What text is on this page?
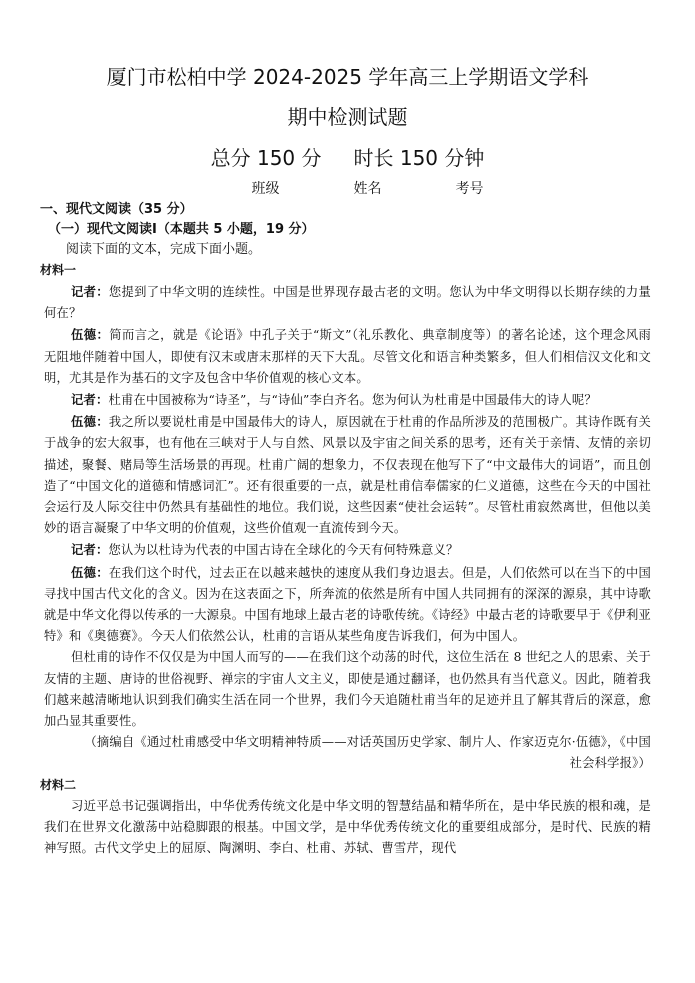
厦门市松柏中学 2024-2025 学年高三上学期语文学科
期中检测试题
总分 150 分 时长 150 分钟
班级	姓名	考号

一、现代文阅读（35 分）

（一）现代文阅读Ⅰ（本题共 5 小题，19 分）

阅读下面的文本，完成下面小题。

材料一

记者：您提到了中华文明的连续性。中国是世界现存最古老的文明。您认为中华文明得以长期存续的力量何在？

伍德：简而言之，就是《论语》中孔子关于“斯文”（礼乐教化、典章制度等）的著名论述，这个理念风雨无阻地伴随着中国人，即使有汉末或唐末那样的天下大乱。尽管文化和语言种类繁多，但人们相信汉文化和文明，尤其是作为基石的文字及包含中华价值观的核心文本。

记者：杜甫在中国被称为“诗圣”，与“诗仙”李白齐名。您为何认为杜甫是中国最伟大的诗人呢？

伍德：我之所以要说杜甫是中国最伟大的诗人，原因就在于杜甫的作品所涉及的范围极广。其诗作既有关于战争的宏大叙事，也有他在三峡对于人与自然、风景以及宇宙之间关系的思考，还有关于亲情、友情的亲切描述，聚餐、赌局等生活场景的再现。杜甫广阔的想象力，不仅表现在他写下了“中文最伟大的词语”，而且创造了“中国文化的道德和情感词汇”。还有很重要的一点，就是杜甫信奉儒家的仁义道德，这些在今天的中国社会运行及人际交往中仍然具有基础性的地位。我们说，这些因素“使社会运转”。尽管杜甫寂然离世，但他以美妙的语言凝聚了中华文明的价值观，这些价值观一直流传到今天。

记者：您认为以杜诗为代表的中国古诗在全球化的今天有何特殊意义？

伍德：在我们这个时代，过去正在以越来越快的速度从我们身边退去。但是，人们依然可以在当下的中国寻找中国古代文化的含义。因为在这表面之下，所奔流的依然是所有中国人共同拥有的深深的源泉，其中诗歌就是中华文化得以传承的一大源泉。中国有地球上最古老的诗歌传统。《诗经》中最古老的诗歌要早于《伊利亚特》和《奥德赛》。今天人们依然公认，杜甫的言语从某些角度告诉我们，何为中国人。

但杜甫的诗作不仅仅是为中国人而写的——在我们这个动荡的时代，这位生活在 8 世纪之人的思索、关于友情的主题、唐诗的世俗视野、禅宗的宇宙人文主义，即使是通过翻译，也仍然具有当代意义。因此，随着我们越来越清晰地认识到我们确实生活在同一个世界，我们今天追随杜甫当年的足迹并且了解其背后的深意，愈加凸显其重要性。

（摘编自《通过杜甫感受中华文明精神特质——对话英国历史学家、制片人、作家迈克尔·伍德》，《中国社会科学报》）

材料二

习近平总书记强调指出，中华优秀传统文化是中华文明的智慧结晶和精华所在，是中华民族的根和魂，是我们在世界文化激荡中站稳脚跟的根基。中国文学，是中华优秀传统文化的重要组成部分，是时代、民族的精神写照。古代文学史上的屈原、陶渊明、李白、杜甫、苏轼、曹雪芹，现代
